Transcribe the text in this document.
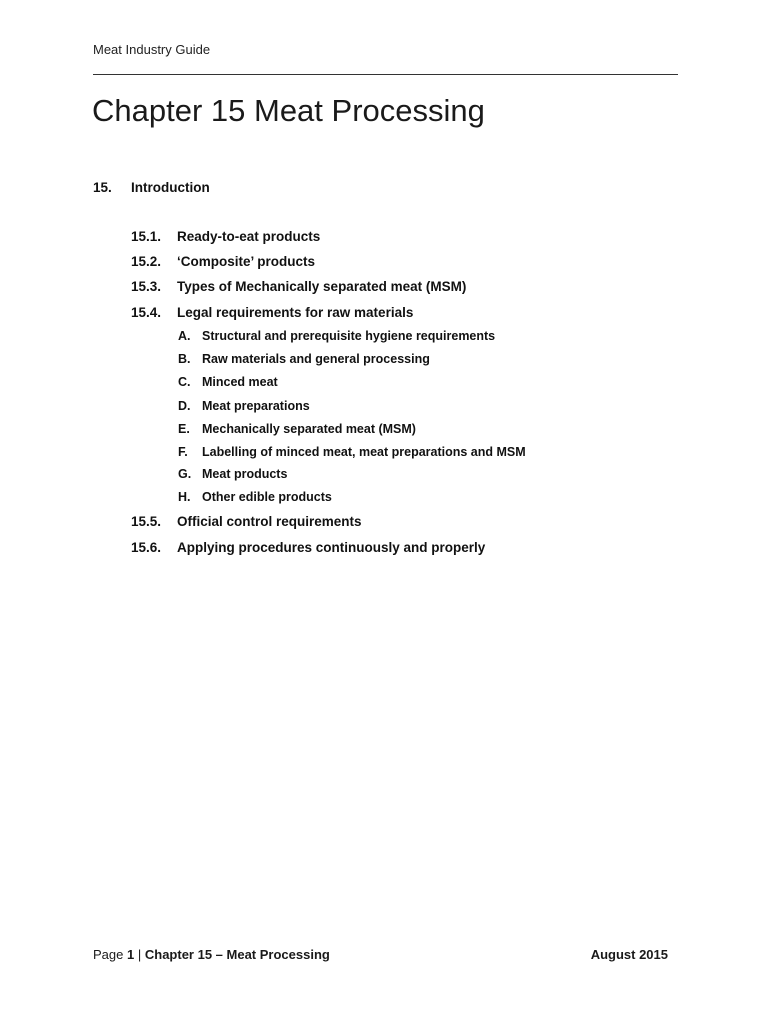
Meat Industry Guide
Chapter 15 Meat Processing
15. Introduction
15.1. Ready-to-eat products
15.2. ‘Composite’ products
15.3. Types of Mechanically separated meat (MSM)
15.4. Legal requirements for raw materials
A. Structural and prerequisite hygiene requirements
B. Raw materials and general processing
C. Minced meat
D. Meat preparations
E. Mechanically separated meat (MSM)
F. Labelling of minced meat, meat preparations and MSM
G. Meat products
H. Other edible products
15.5. Official control requirements
15.6. Applying procedures continuously and properly
Page 1 | Chapter 15 – Meat Processing	August 2015
